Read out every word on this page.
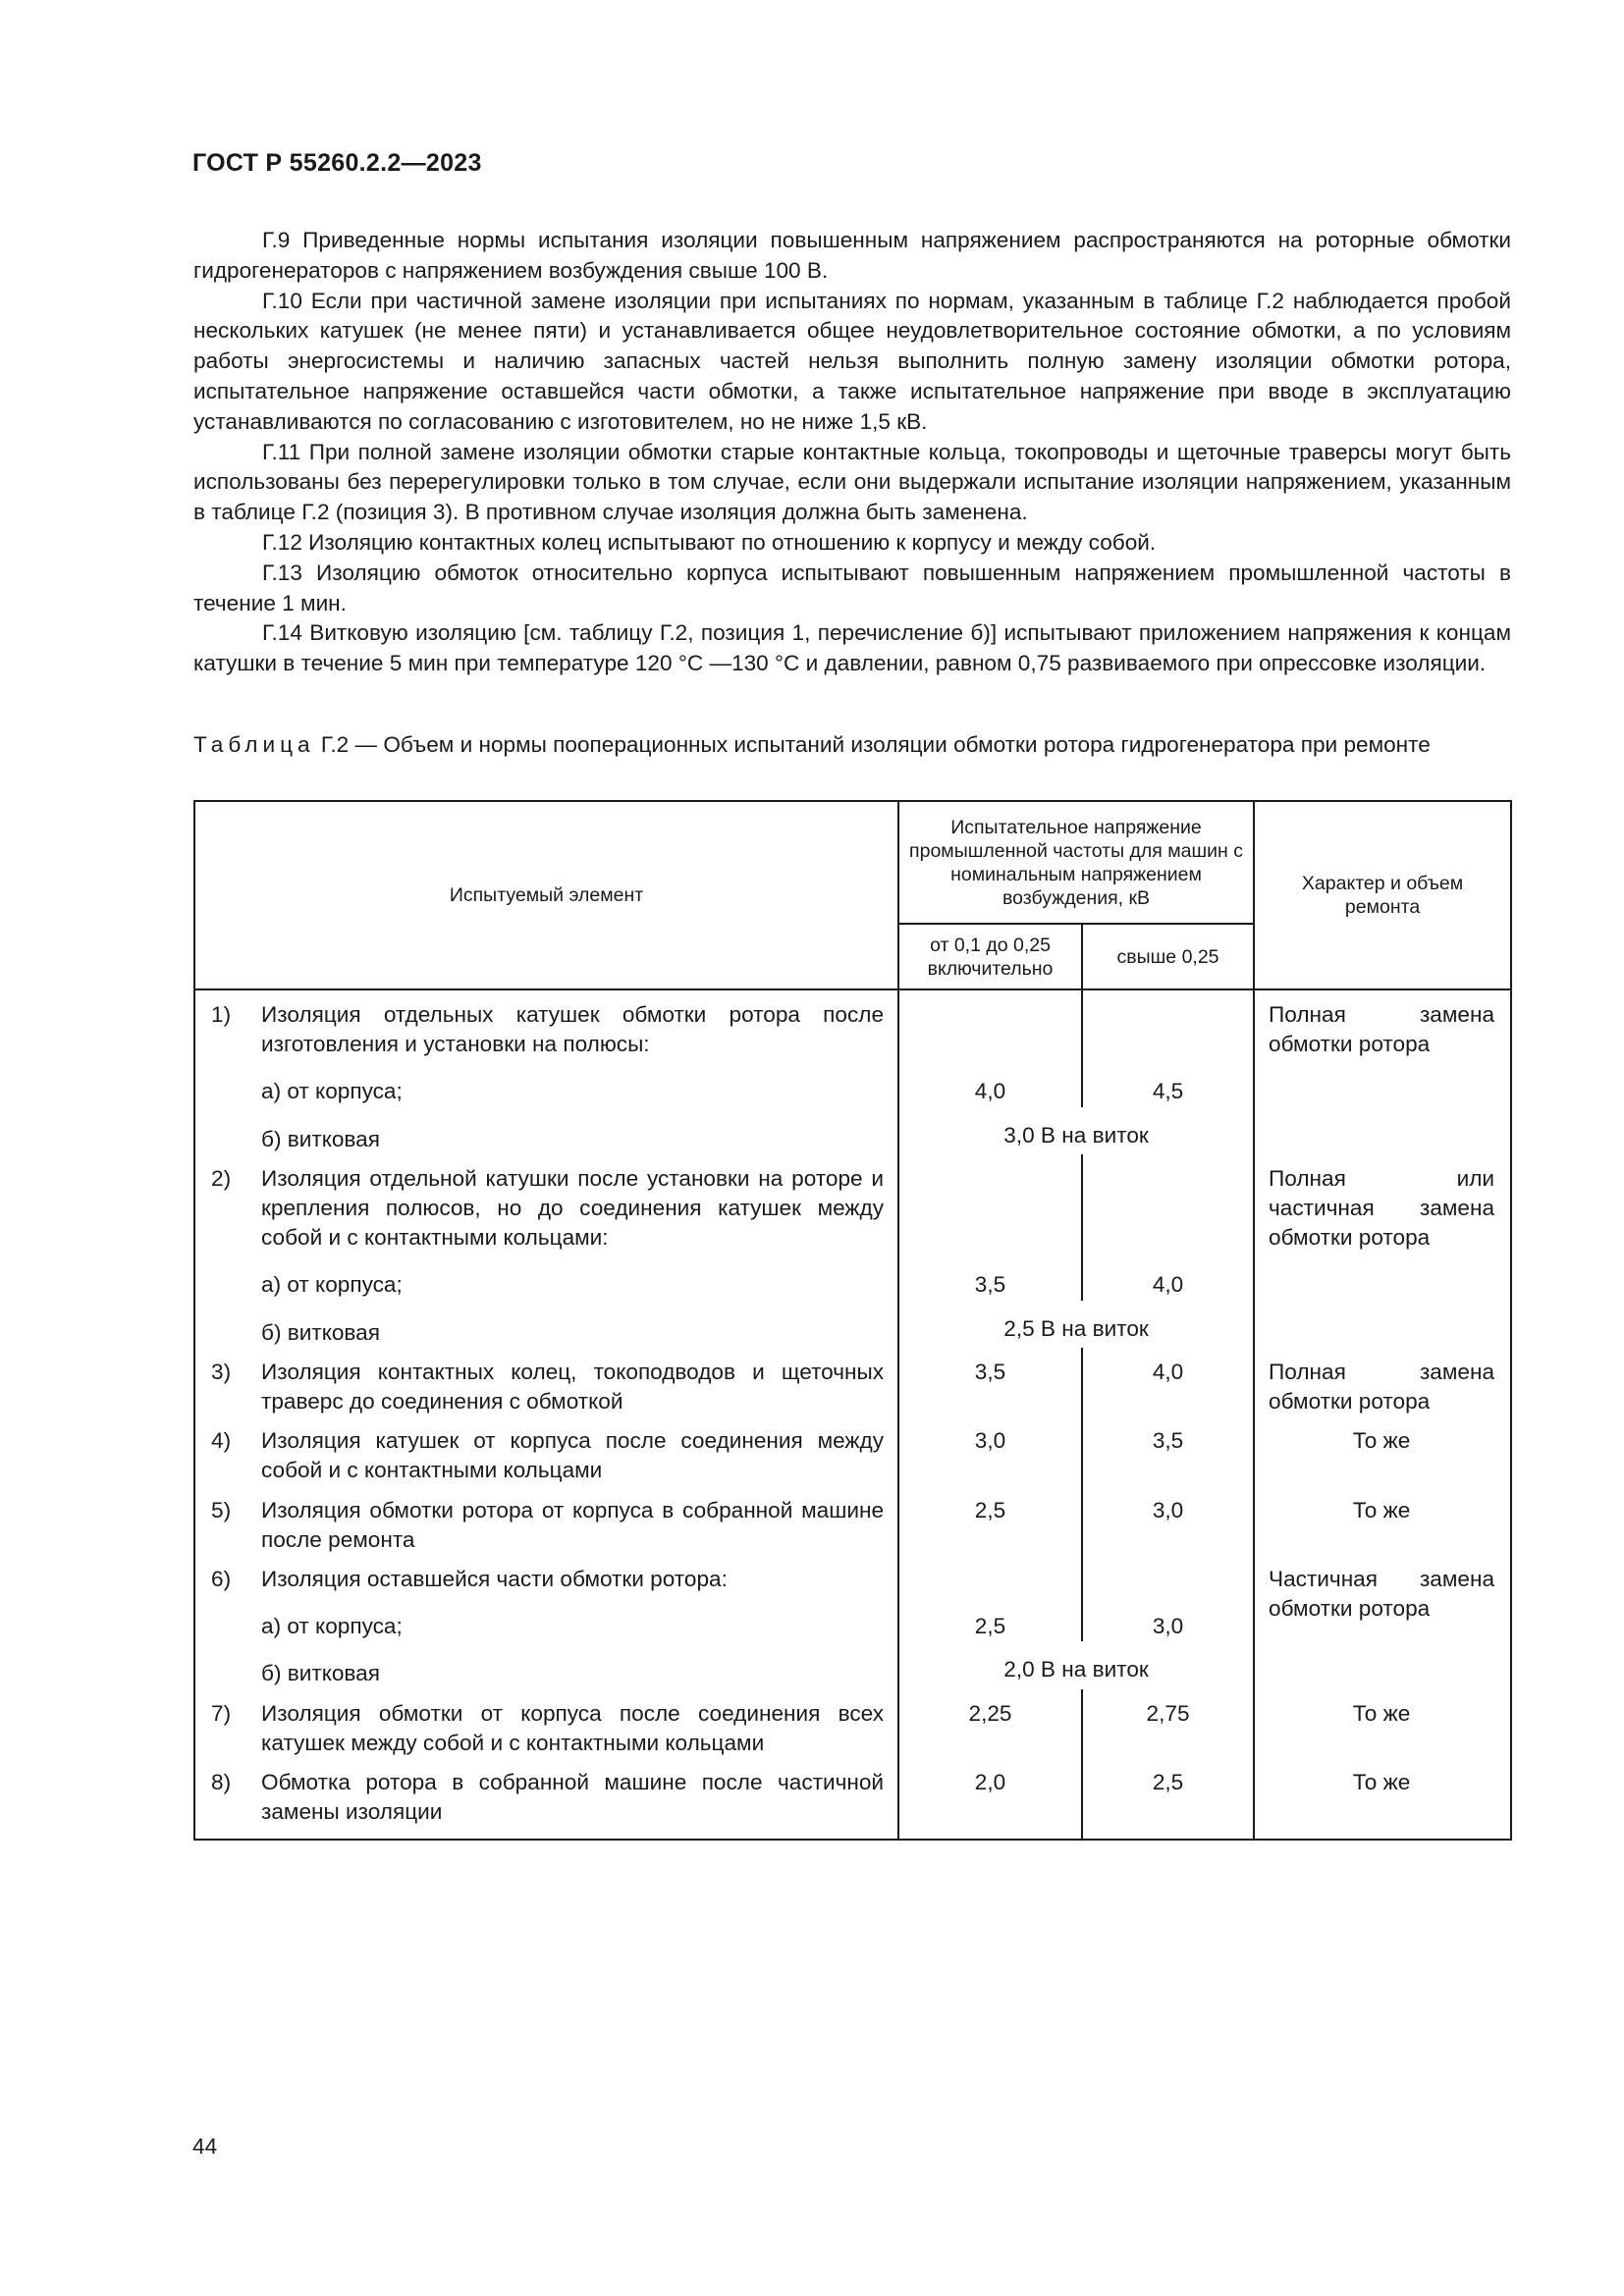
ГОСТ Р 55260.2.2—2023

Г.9 Приведенные нормы испытания изоляции повышенным напряжением распространяются на роторные обмотки гидрогенераторов с напряжением возбуждения свыше 100 В.

Г.10 Если при частичной замене изоляции при испытаниях по нормам, указанным в таблице Г.2 наблюдается пробой нескольких катушек (не менее пяти) и устанавливается общее неудовлетворительное состояние обмотки, а по условиям работы энергосистемы и наличию запасных частей нельзя выполнить полную замену изоляции обмотки ротора, испытательное напряжение оставшейся части обмотки, а также испытательное напряжение при вводе в эксплуатацию устанавливаются по согласованию с изготовителем, но не ниже 1,5 кВ.

Г.11 При полной замене изоляции обмотки старые контактные кольца, токопроводы и щеточные траверсы могут быть использованы без перерегулировки только в том случае, если они выдержали испытание изоляции напряжением, указанным в таблице Г.2 (позиция 3). В противном случае изоляция должна быть заменена.

Г.12 Изоляцию контактных колец испытывают по отношению к корпусу и между собой.

Г.13 Изоляцию обмоток относительно корпуса испытывают повышенным напряжением промышленной частоты в течение 1 мин.

Г.14 Витковую изоляцию [см. таблицу Г.2, позиция 1, перечисление б)] испытывают приложением напряжения к концам катушки в течение 5 мин при температуре 120 °С —130 °С и давлении, равном 0,75 развиваемого при опрессовке изоляции.

Таблица Г.2 — Объем и нормы пооперационных испытаний изоляции обмотки ротора гидрогенератора при ремонте
Испытуемый элемент		Испытательное напряжение промышленной частоты для машин с номинальным напряжением возбуждения, кВ		Характер и объем ремонта
		от 0,1 до 0,25 включительно	свыше 0,25	
1)	Изоляция отдельных катушек обмотки ротора после изготовления и установки на полюсы:			Полная замена обмотки ротора
	а) от корпуса;	4,0	4,5	
	б) витковая	3,0 В на виток		
2)	Изоляция отдельной катушки после установки на роторе и крепления полюсов, но до соединения катушек между собой и с контактными кольцами:			Полная или частичная замена обмотки ротора
	а) от корпуса;	3,5	4,0	
	б) витковая	2,5 В на виток		
3)	Изоляция контактных колец, токоподводов и щеточных траверс до соединения с обмоткой	3,5	4,0	Полная замена обмотки ротора
4)	Изоляция катушек от корпуса после соединения между собой и с контактными кольцами	3,0	3,5	То же
5)	Изоляция обмотки ротора от корпуса в собранной машине после ремонта	2,5	3,0	То же
6)	Изоляция оставшейся части обмотки ротора:			Частичная замена обмотки ротора
	а) от корпуса;	2,5	3,0	
	б) витковая	2,0 В на виток		
7)	Изоляция обмотки от корпуса после соединения всех катушек между собой и с контактными кольцами	2,25	2,75	То же
8)	Обмотка ротора в собранной машине после частичной замены изоляции	2,0	2,5	То же
44
